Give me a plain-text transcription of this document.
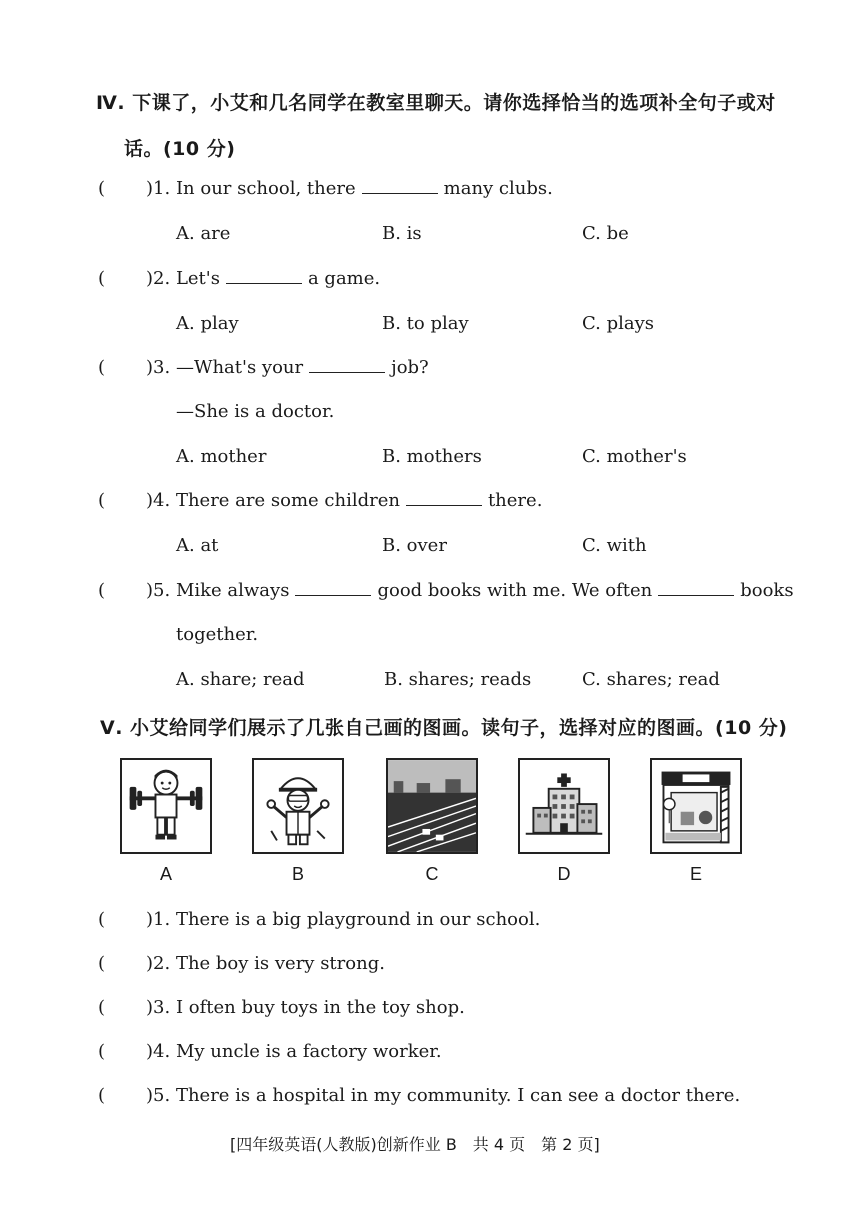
Ⅳ. 下课了，小艾和几名同学在教室里聊天。请你选择恰当的选项补全句子或对
话。(10 分)
( )1. In our school, there	many clubs.
A. are	B. is	C. be
( )2. Let's	a game.
A. play	B. to play	C. plays
( )3. —What's your	job?
—She is a doctor.
A. mother	B. mothers	C. mother's
( )4. There are some children	there.
A. at	B. over	C. with
( )5. Mike always	good books with me. We often	books
together.
A. share; read	B. shares; reads	C. shares; read
Ⅴ. 小艾给同学们展示了几张自己画的图画。读句子，选择对应的图画。(10 分)
A	B	C	D	E
( )1. There is a big playground in our school.
( )2. The boy is very strong.
( )3. I often buy toys in the toy shop.
( )4. My uncle is a factory worker.
( )5. There is a hospital in my community. I can see a doctor there.
[四年级英语(人教版)创新作业 B　共 4 页　第 2 页]
